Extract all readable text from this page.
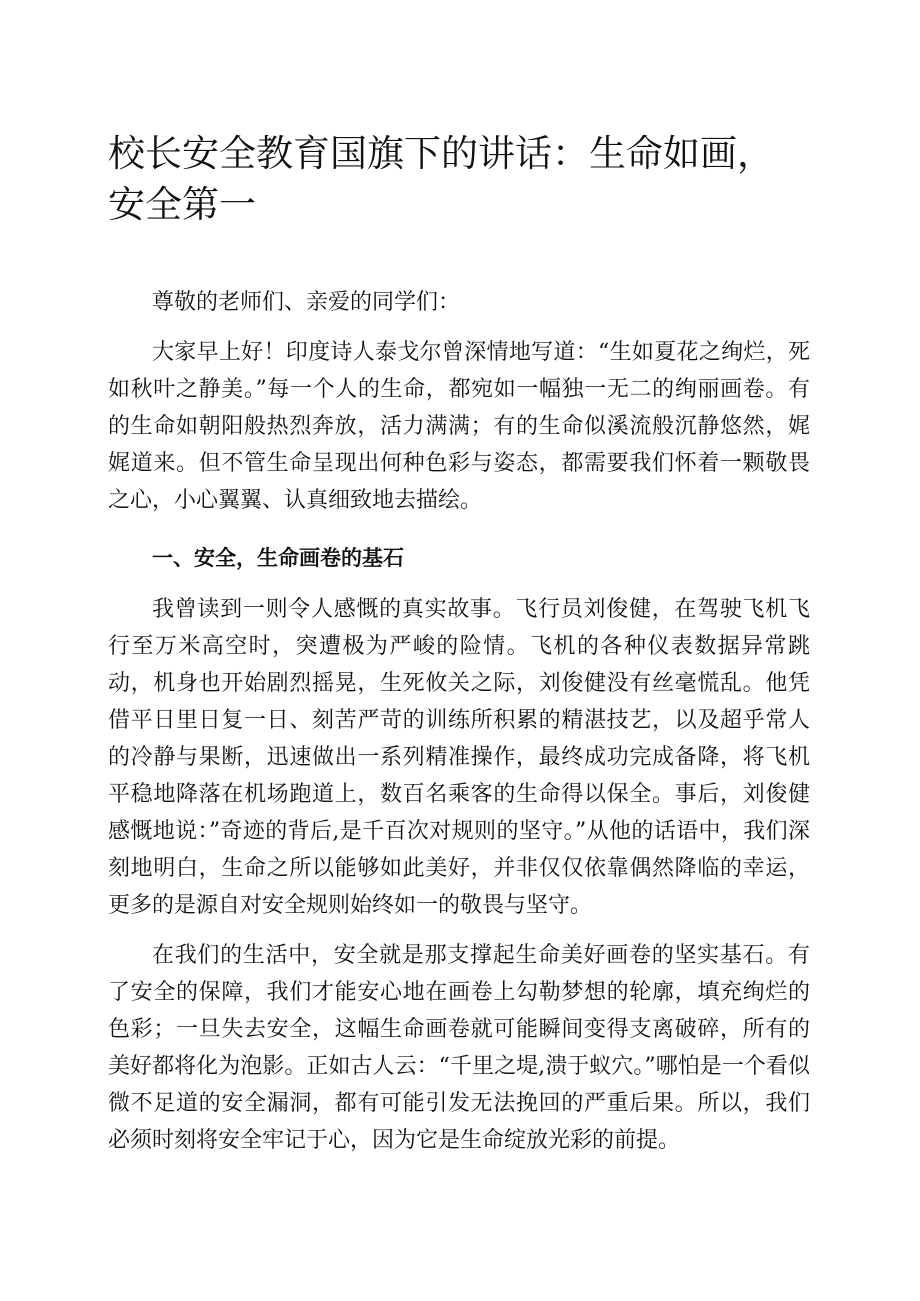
校长安全教育国旗下的讲话：生命如画，安全第一

尊敬的老师们、亲爱的同学们：

大家早上好！印度诗人泰戈尔曾深情地写道：“生如夏花之绚烂，死如秋叶之静美。”每一个人的生命，都宛如一幅独一无二的绚丽画卷。有的生命如朝阳般热烈奔放，活力满满；有的生命似溪流般沉静悠然，娓娓道来。但不管生命呈现出何种色彩与姿态，都需要我们怀着一颗敬畏之心，小心翼翼、认真细致地去描绘。

一、安全，生命画卷的基石

我曾读到一则令人感慨的真实故事。飞行员刘俊健，在驾驶飞机飞行至万米高空时，突遭极为严峻的险情。飞机的各种仪表数据异常跳动，机身也开始剧烈摇晃，生死攸关之际，刘俊健没有丝毫慌乱。他凭借平日里日复一日、刻苦严苛的训练所积累的精湛技艺，以及超乎常人的冷静与果断，迅速做出一系列精准操作，最终成功完成备降，将飞机平稳地降落在机场跑道上，数百名乘客的生命得以保全。事后，刘俊健感慨地说：”奇迹的背后,是千百次对规则的坚守。”从他的话语中，我们深刻地明白，生命之所以能够如此美好，并非仅仅依靠偶然降临的幸运，更多的是源自对安全规则始终如一的敬畏与坚守。

在我们的生活中，安全就是那支撑起生命美好画卷的坚实基石。有了安全的保障，我们才能安心地在画卷上勾勒梦想的轮廓，填充绚烂的色彩；一旦失去安全，这幅生命画卷就可能瞬间变得支离破碎，所有的美好都将化为泡影。正如古人云：“千里之堤,溃于蚁穴。”哪怕是一个看似微不足道的安全漏洞，都有可能引发无法挽回的严重后果。所以，我们必须时刻将安全牢记于心，因为它是生命绽放光彩的前提。
